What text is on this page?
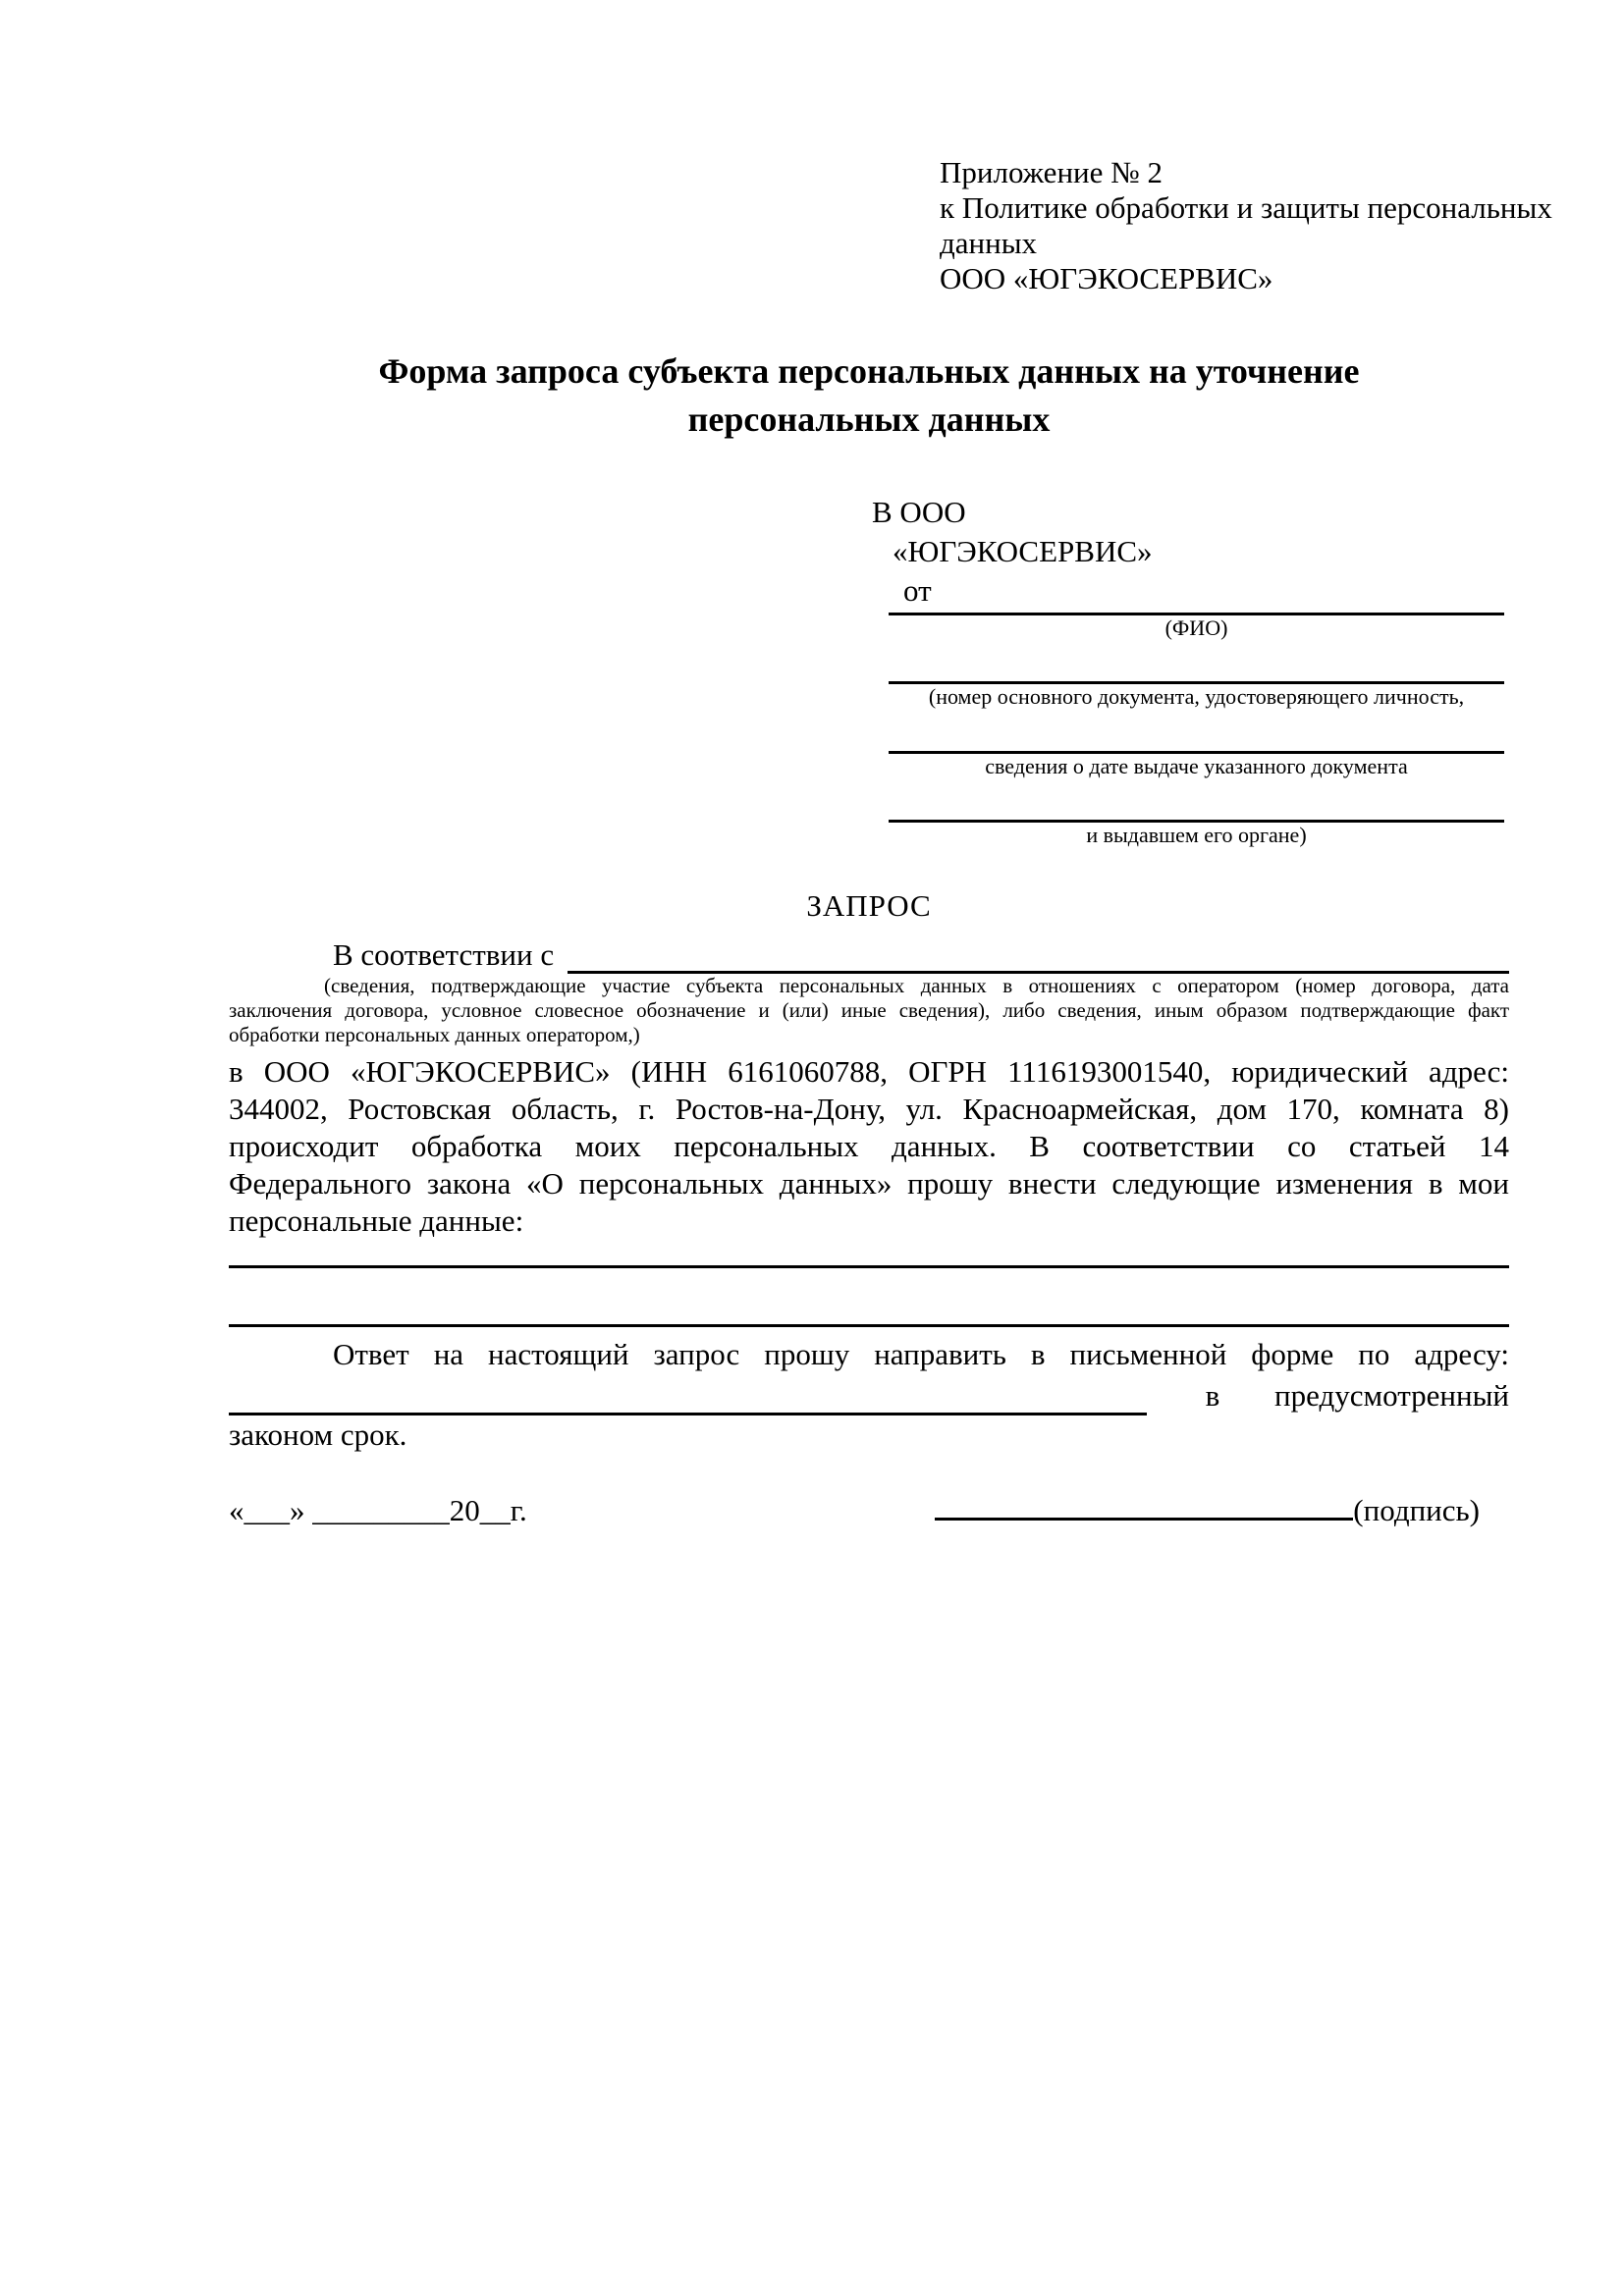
Приложение № 2
к Политике обработки и защиты персональных
данных
ООО «ЮГЭКОСЕРВИС»
Форма запроса субъекта персональных данных на уточнение
персональных данных
В ООО
«ЮГЭКОСЕРВИС»
от
(ФИО)
(номер основного документа, удостоверяющего личность,
сведения о дате выдаче указанного документа
и выдавшем его органе)
ЗАПРОС
В соответствии с
(сведения, подтверждающие участие субъекта персональных данных в отношениях с оператором (номер договора, дата
заключения договора, условное словесное обозначение и (или) иные сведения), либо сведения, иным образом подтверждающие факт
обработки персональных данных оператором,)
в ООО «ЮГЭКОСЕРВИС» (ИНН 6161060788, ОГРН 1116193001540, юридический адрес:
344002, Ростовская область, г. Ростов-на-Дону, ул. Красноармейская, дом 170, комната 8)
происходит обработка моих персональных данных. В соответствии со статьей 14
Федерального закона «О персональных данных» прошу внести следующие изменения в мои
персональные данные:
Ответ на настоящий запрос прошу направить в письменной форме по адресу:
в предусмотренный
законом срок.
«___» _________20__г.	(подпись)
